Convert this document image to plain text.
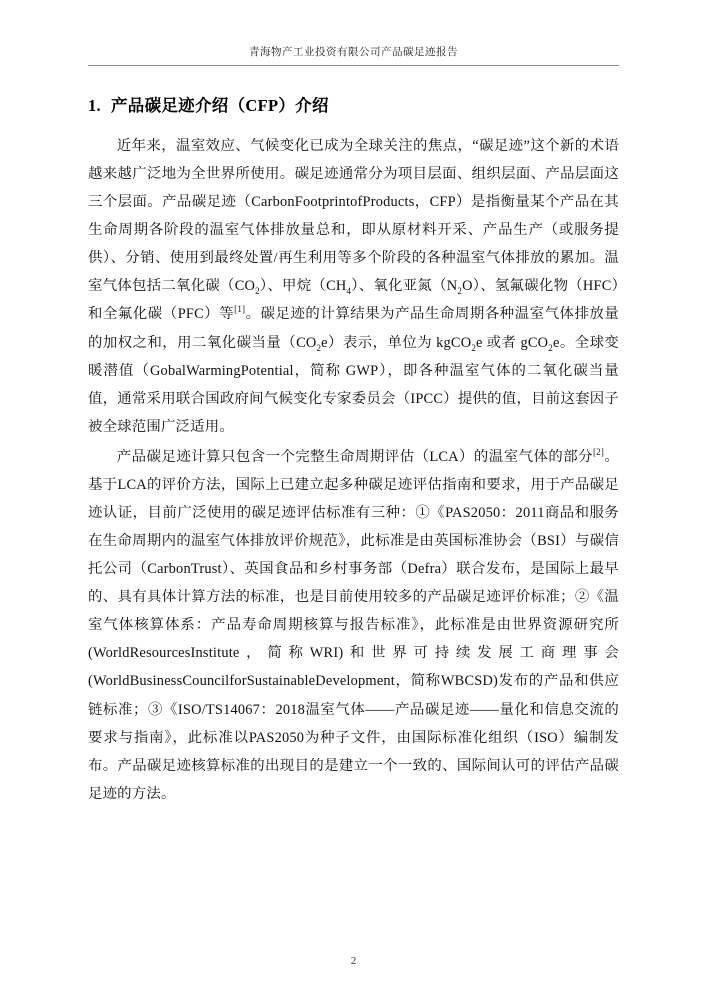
青海物产工业投资有限公司产品碳足迹报告
1. 产品碳足迹介绍（CFP）介绍

近年来，温室效应、气候变化已成为全球关注的焦点，“碳足迹”这个新的术语越来越广泛地为全世界所使用。碳足迹通常分为项目层面、组织层面、产品层面这三个层面。产品碳足迹（CarbonFootprintofProducts，CFP）是指衡量某个产品在其生命周期各阶段的温室气体排放量总和，即从原材料开采、产品生产（或服务提供）、分销、使用到最终处置/再生利用等多个阶段的各种温室气体排放的累加。温室气体包括二氧化碳$(CO_2)$、甲烷$(CH_4)$、氧化亚氮$(N_2O)$、氢氟碳化物（HFC）和全氟化碳（PFC）等[1]。碳足迹的计算结果为产品生命周期各种温室气体排放量的加权之和，用二氧化碳当量$(CO_2e)$表示，单位为 kgCO$_2$e 或者 gCO$_2$e。全球变暖潜值（GobalWarmingPotential，简称 GWP），即各种温室气体的二氧化碳当量值，通常采用联合国政府间气候变化专家委员会（IPCC）提供的值，目前这套因子被全球范围广泛适用。

产品碳足迹计算只包含一个完整生命周期评估（LCA）的温室气体的部分[2]。基于LCA的评价方法，国际上已建立起多种碳足迹评估指南和要求，用于产品碳足迹认证，目前广泛使用的碳足迹评估标准有三种：①《PAS2050：2011商品和服务在生命周期内的温室气体排放评价规范》，此标准是由英国标准协会（BSI）与碳信托公司（CarbonTrust）、英国食品和乡村事务部（Defra）联合发布，是国际上最早的、具有具体计算方法的标准，也是目前使用较多的产品碳足迹评价标准；②《温室气体核算体系：产品寿命周期核算与报告标准》，此标准是由世界资源研究所(WorldResourcesInstitute，简称WRI)和世界可持续发展工商理事会(WorldBusinessCouncilforSustainableDevelopment，简称WBCSD)发布的产品和供应链标准；③《ISO/TS14067：2018温室气体——产品碳足迹——量化和信息交流的要求与指南》，此标准以PAS2050为种子文件，由国际标准化组织（ISO）编制发布。产品碳足迹核算标准的出现目的是建立一个一致的、国际间认可的评估产品碳足迹的方法。

2
